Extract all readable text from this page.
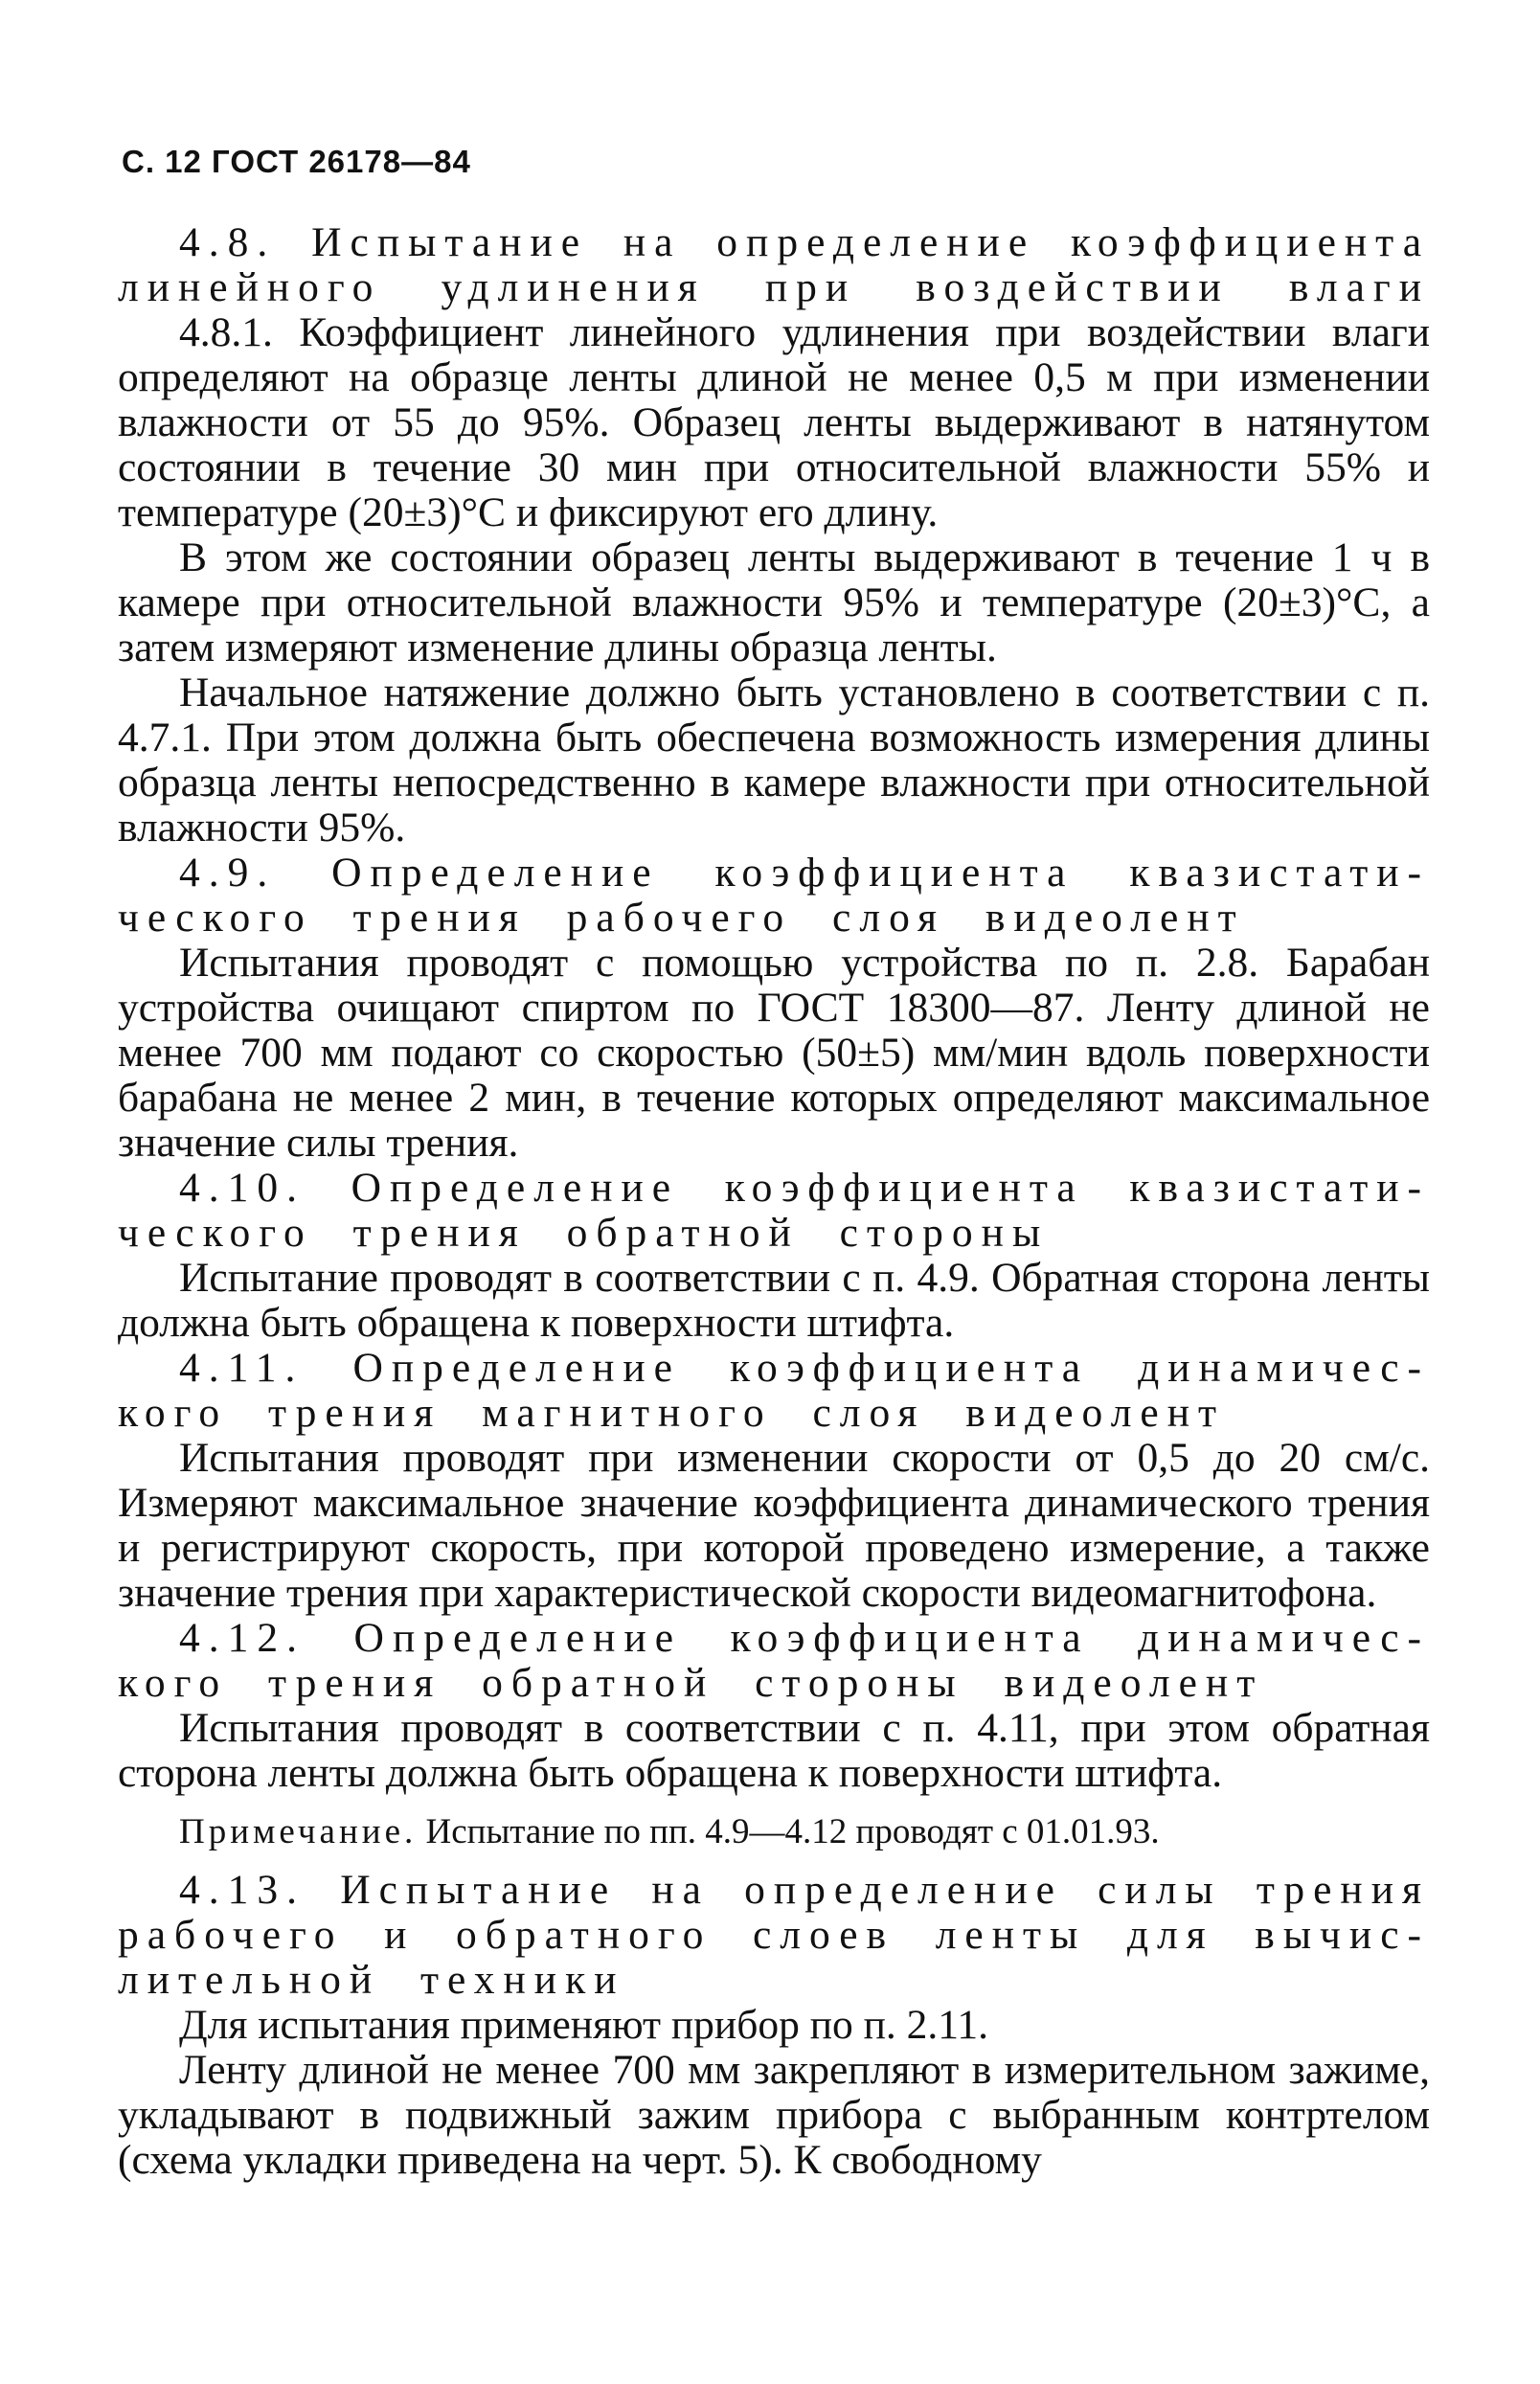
С. 12 ГОСТ 26178—84

4.8. Испытание на определение коэффициента

линейного удлинения при воздействии влаги

4.8.1. Коэффициент линейного удлинения при воздействии влаги определяют на образце ленты длиной не менее 0,5 м при изменении влажности от 55 до 95%. Образец ленты выдерживают в натянутом состоянии в течение 30 мин при относительной влажности 55% и температуре (20±3)°С и фиксируют его длину.

В этом же состоянии образец ленты выдерживают в течение 1 ч в камере при относительной влажности 95% и температуре (20±3)°С, а затем измеряют изменение длины образца ленты.

Начальное натяжение должно быть установлено в соответствии с п. 4.7.1. При этом должна быть обеспечена возможность измерения длины образца ленты непосредственно в камере влажности при относительной влажности 95%.

4.9. Определение коэффициента квазистати-

ческого трения рабочего слоя видеолент

Испытания проводят с помощью устройства по п. 2.8. Барабан устройства очищают спиртом по ГОСТ 18300—87. Ленту длиной не менее 700 мм подают со скоростью (50±5) мм/мин вдоль поверхности барабана не менее 2 мин, в течение которых определяют максимальное значение силы трения.

4.10. Определение коэффициента квазистати-

ческого трения обратной стороны

Испытание проводят в соответствии с п. 4.9. Обратная сторона ленты должна быть обращена к поверхности штифта.

4.11. Определение коэффициента динамичес-

кого трения магнитного слоя видеолент

Испытания проводят при изменении скорости от 0,5 до 20 см/с. Измеряют максимальное значение коэффициента динамического трения и регистрируют скорость, при которой проведено измерение, а также значение трения при характеристической скорости видеомагнитофона.

4.12. Определение коэффициента динамичес-

кого трения обратной стороны видеолент

Испытания проводят в соответствии с п. 4.11, при этом обратная сторона ленты должна быть обращена к поверхности штифта.

Примечание. Испытание по пп. 4.9—4.12 проводят с 01.01.93.

4.13. Испытание на определение силы трения

рабочего и обратного слоев ленты для вычис-

лительной техники

Для испытания применяют прибор по п. 2.11.

Ленту длиной не менее 700 мм закрепляют в измерительном зажиме, укладывают в подвижный зажим прибора с выбранным контртелом (схема укладки приведена на черт. 5). К свободному
